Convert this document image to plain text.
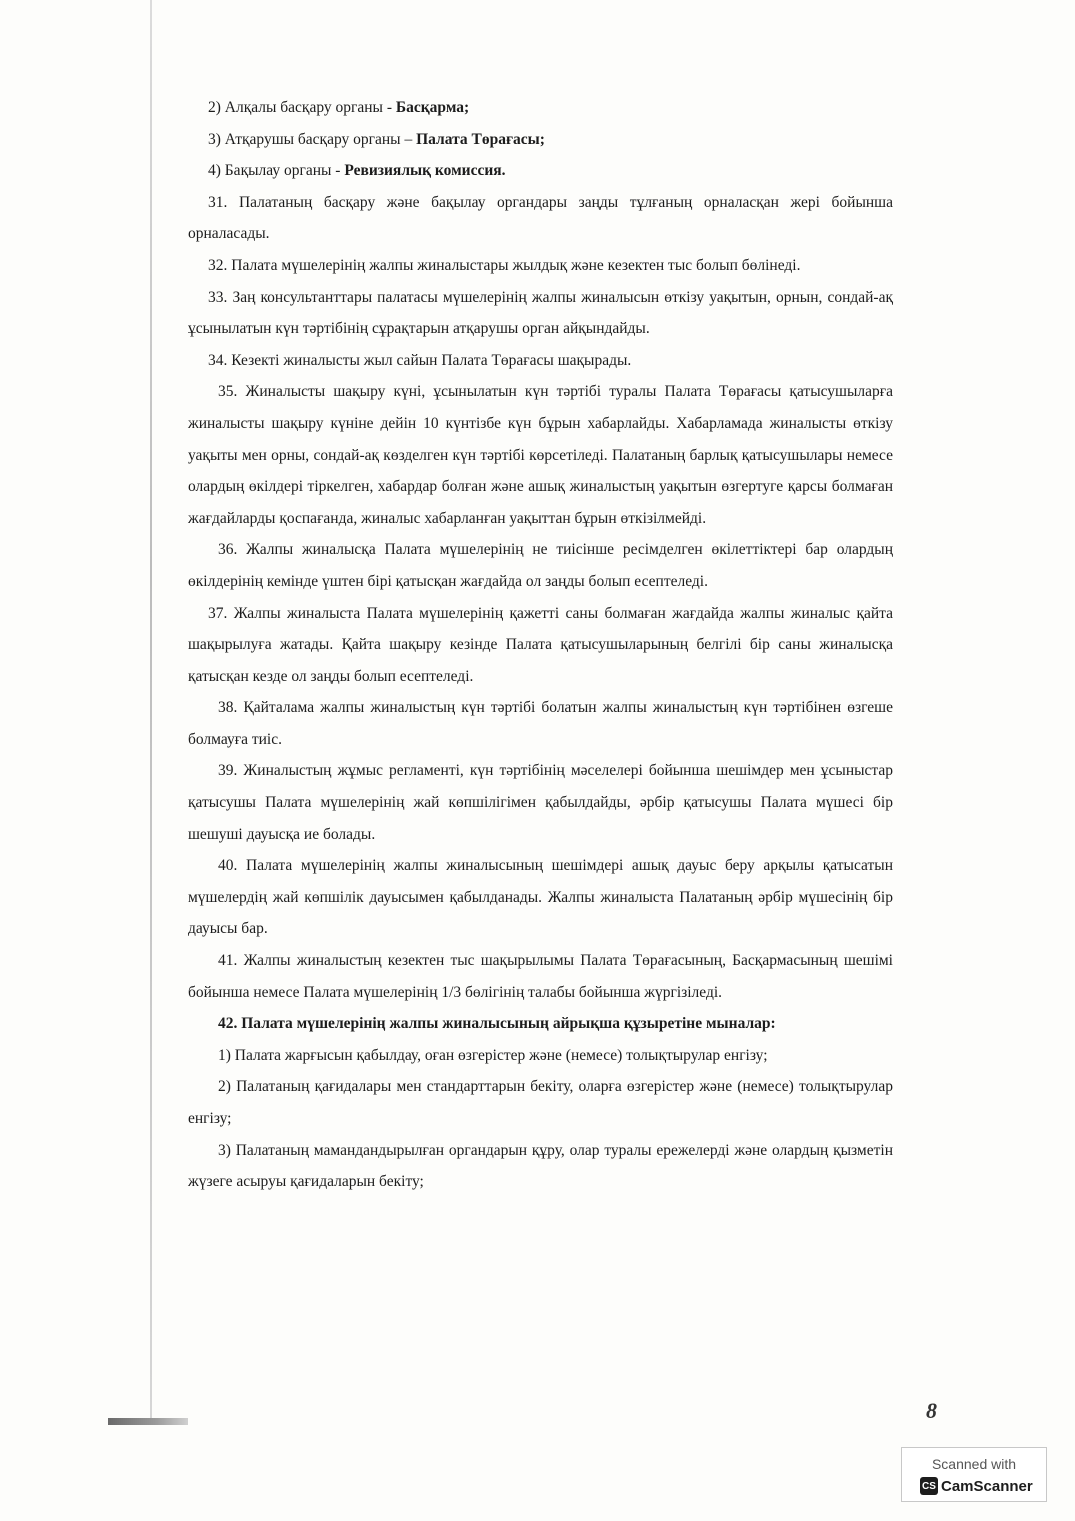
2) Алқалы басқару органы - Басқарма;

3) Атқарушы басқару органы – Палата Төрағасы;

4) Бақылау органы - Ревизиялық комиссия.

31. Палатаның басқару және бақылау органдары заңды тұлғаның орналасқан жері бойынша орналасады.

32. Палата мүшелерінің жалпы жиналыстары жылдық және кезектен тыс болып бөлінеді.

33. Заң консультанттары палатасы мүшелерінің жалпы жиналысын өткізу уақытын, орнын, сондай-ақ ұсынылатын күн тәртібінің сұрақтарын атқарушы орган айқындайды.

34. Кезекті жиналысты жыл сайын Палата Төрағасы шақырады.

35. Жиналысты шақыру күні, ұсынылатын күн тәртібі туралы Палата Төрағасы қатысушыларға жиналысты шақыру күніне дейін 10 күнтізбе күн бұрын хабарлайды. Хабарламада жиналысты өткізу уақыты мен орны, сондай-ақ көзделген күн тәртібі көрсетіледі. Палатаның барлық қатысушылары немесе олардың өкілдері тіркелген, хабардар болған және ашық жиналыстың уақытын өзгертуге қарсы болмаған жағдайларды қоспағанда, жиналыс хабарланған уақыттан бұрын өткізілмейді.

36. Жалпы жиналысқа Палата мүшелерінің не тиісінше ресімделген өкілеттіктері бар олардың өкілдерінің кемінде үштен бірі қатысқан жағдайда ол заңды болып есептеледі.

37. Жалпы жиналыста Палата мүшелерінің қажетті саны болмаған жағдайда жалпы жиналыс қайта шақырылуға жатады. Қайта шақыру кезінде Палата қатысушыларының белгілі бір саны жиналысқа қатысқан кезде ол заңды болып есептеледі.

38. Қайталама жалпы жиналыстың күн тәртібі болатын жалпы жиналыстың күн тәртібінен өзгеше болмауға тиіс.

39. Жиналыстың жұмыс регламенті, күн тәртібінің мәселелері бойынша шешімдер мен ұсыныстар қатысушы Палата мүшелерінің жай көпшілігімен қабылдайды, әрбір қатысушы Палата мүшесі бір шешуші дауысқа ие болады.

40. Палата мүшелерінің жалпы жиналысының шешімдері ашық дауыс беру арқылы қатысатын мүшелердің жай көпшілік дауысымен қабылданады. Жалпы жиналыста Палатаның әрбір мүшесінің бір дауысы бар.

41. Жалпы жиналыстың кезектен тыс шақырылымы Палата Төрағасының, Басқармасының шешімі бойынша немесе Палата мүшелерінің 1/3 бөлігінің талабы бойынша жүргізіледі.

42. Палата мүшелерінің жалпы жиналысының айрықша құзыретіне мыналар:

1) Палата жарғысын қабылдау, оған өзгерістер және (немесе) толықтырулар енгізу;

2) Палатаның қағидалары мен стандарттарын бекіту, оларға өзгерістер және (немесе) толықтырулар енгізу;

3) Палатаның мамандандырылған органдарын құру, олар туралы ережелерді және олардың қызметін жүзеге асыруы қағидаларын бекіту;

8
Scanned with
CS CamScanner
